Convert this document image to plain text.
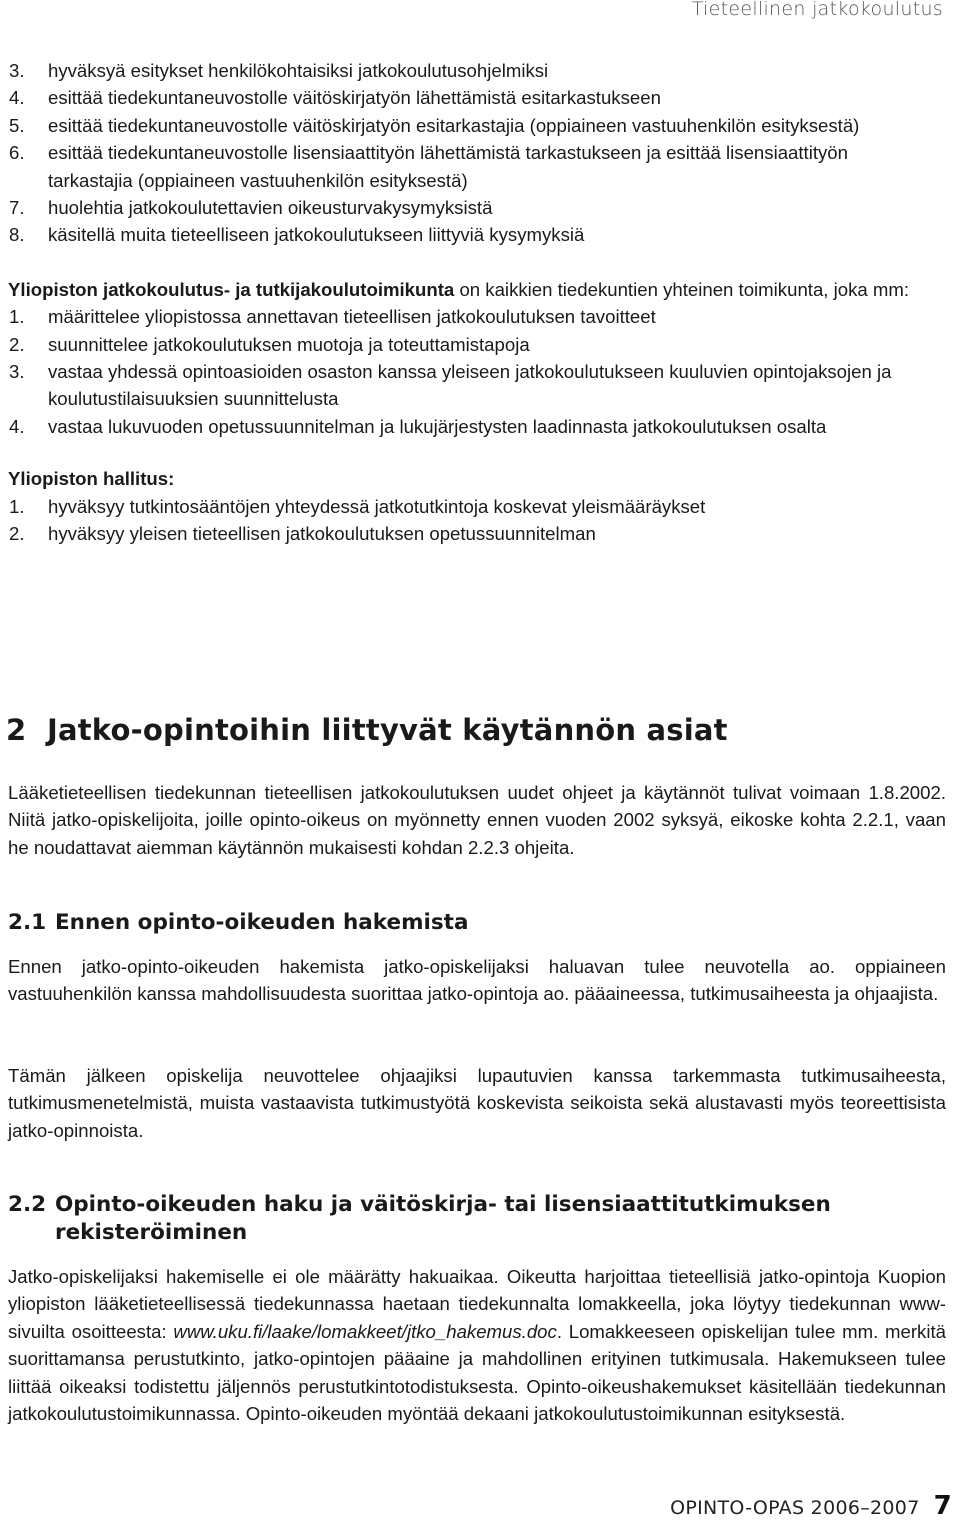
Tieteellinen jatkokoulutus
3.	hyväksyä esitykset henkilökohtaisiksi jatkokoulutusohjelmiksi
4.	esittää tiedekuntaneuvostolle väitöskirjatyön lähettämistä esitarkastukseen
5.	esittää tiedekuntaneuvostolle väitöskirjatyön esitarkastajia (oppiaineen vastuuhenkilön esityksestä)
6.	esittää tiedekuntaneuvostolle lisensiaattityön lähettämistä tarkastukseen ja esittää lisensiaattityön tarkastajia (oppiaineen vastuuhenkilön esityksestä)
7.	huolehtia jatkokoulutettavien oikeusturvakysymyksistä
8.	käsitellä muita tieteelliseen jatkokoulutukseen liittyviä kysymyksiä

Yliopiston jatkokoulutus- ja tutkijakoulutoimikunta on kaikkien tiedekuntien yhteinen toimikunta, joka mm:

1.	määrittelee yliopistossa annettavan tieteellisen jatkokoulutuksen tavoitteet
2.	suunnittelee jatkokoulutuksen muotoja ja toteuttamistapoja
3.	vastaa yhdessä opintoasioiden osaston kanssa yleiseen jatkokoulutukseen kuuluvien opintojaksojen ja koulutustilaisuuksien suunnittelusta
4.	vastaa lukuvuoden opetussuunnitelman ja lukujärjestysten laadinnasta jatkokoulutuksen osalta

Yliopiston hallitus:

1.	hyväksyy tutkintosääntöjen yhteydessä jatkotutkintoja koskevat yleismääräykset
2.	hyväksyy yleisen tieteellisen jatkokoulutuksen opetussuunnitelman
2 Jatko-opintoihin liittyvät käytännön asiat

Lääketieteellisen tiedekunnan tieteellisen jatkokoulutuksen uudet ohjeet ja käytännöt tulivat voimaan 1.8.2002. Niitä jatko-opiskelijoita, joille opinto-oikeus on myönnetty ennen vuoden 2002 syksyä, eikoske kohta 2.2.1, vaan he noudattavat aiemman käytännön mukaisesti kohdan 2.2.3 ohjeita.

2.1 Ennen opinto-oikeuden hakemista

Ennen jatko-opinto-oikeuden hakemista jatko-opiskelijaksi haluavan tulee neuvotella ao. oppiaineen vastuuhenkilön kanssa mahdollisuudesta suorittaa jatko-opintoja ao. pääaineessa, tutkimusaiheesta ja ohjaajista.

Tämän jälkeen opiskelija neuvottelee ohjaajiksi lupautuvien kanssa tarkemmasta tutkimusaiheesta, tutkimusmenetelmistä, muista vastaavista tutkimustyötä koskevista seikoista sekä alustavasti myös teoreettisista jatko-opinnoista.

2.2 Opinto-oikeuden haku ja väitöskirja- tai lisensiaattitutkimuksen rekisteröiminen

Jatko-opiskelijaksi hakemiselle ei ole määrätty hakuaikaa. Oikeutta harjoittaa tieteellisiä jatko-opintoja Kuopion yliopiston lääketieteellisessä tiedekunnassa haetaan tiedekunnalta lomakkeella, joka löytyy tiedekunnan www-sivuilta osoitteesta: www.uku.fi/laake/lomakkeet/jtko_hakemus.doc. Lomakkeeseen opiskelijan tulee mm. merkitä suorittamansa perustutkinto, jatko-opintojen pääaine ja mahdollinen erityinen tutkimusala. Hakemukseen tulee liittää oikeaksi todistettu jäljennös perustutkintotodistuksesta. Opinto-oikeushakemukset käsitellään tiedekunnan jatkokoulutustoimikunnassa. Opinto-oikeuden myöntää dekaani jatkokoulutustoimikunnan esityksestä.

OPINTO-OPAS 2006–2007 7
